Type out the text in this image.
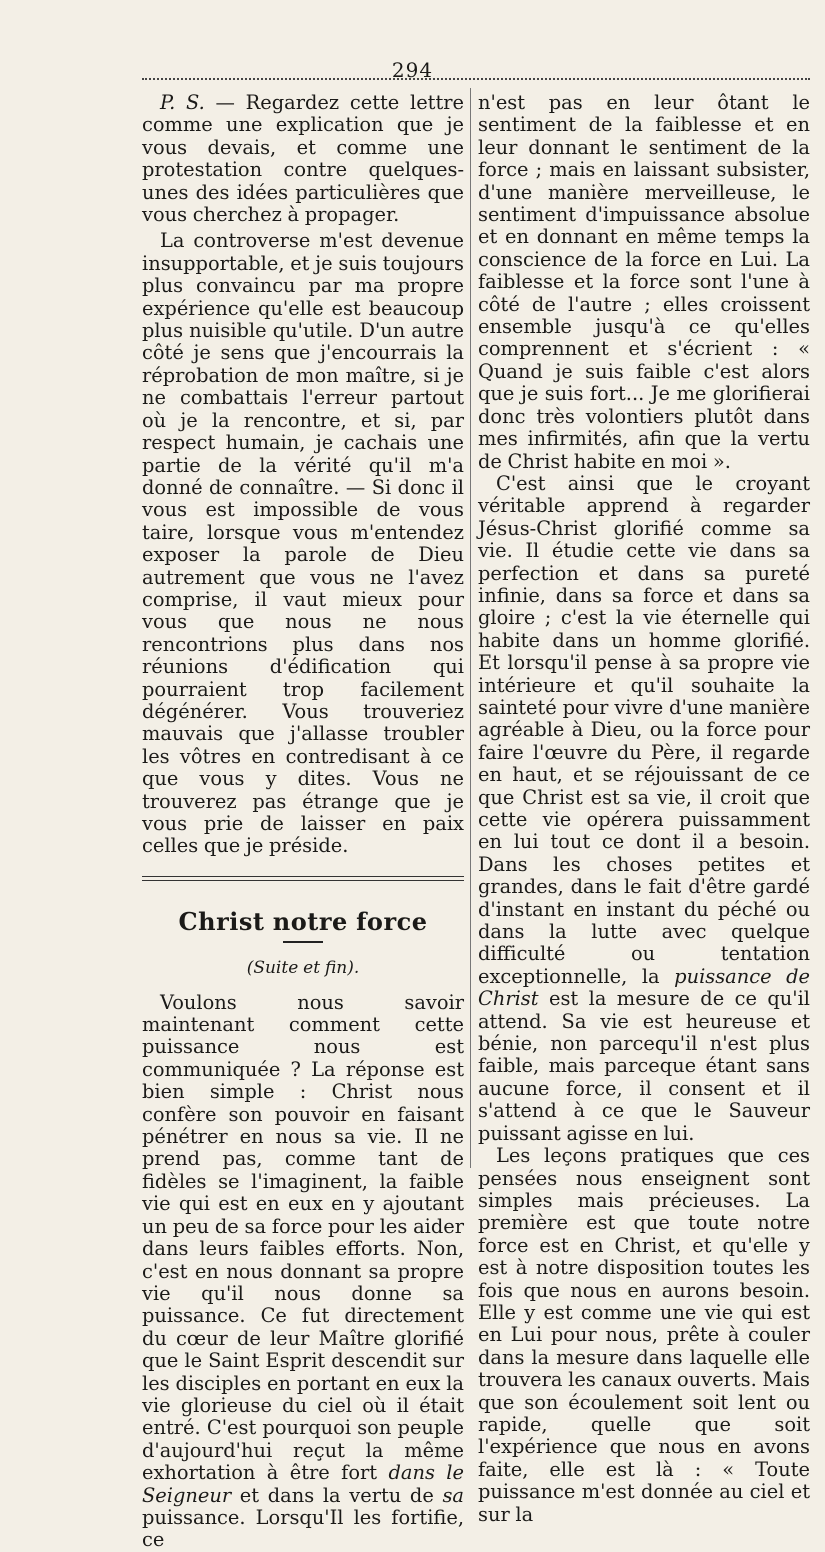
294

P. S. — Regardez cette lettre comme une explication que je vous devais, et comme une protestation contre quelques-unes des idées particulières que vous cherchez à propager.

La controverse m'est devenue insupportable, et je suis toujours plus convaincu par ma propre expérience qu'elle est beaucoup plus nuisible qu'utile. D'un autre côté je sens que j'encourrais la réprobation de mon maître, si je ne combattais l'erreur partout où je la rencontre, et si, par respect humain, je cachais une partie de la vérité qu'il m'a donné de connaître. — Si donc il vous est impossible de vous taire, lorsque vous m'entendez exposer la parole de Dieu autrement que vous ne l'avez comprise, il vaut mieux pour vous que nous ne nous rencontrions plus dans nos réunions d'édification qui pourraient trop facilement dégénérer. Vous trouveriez mauvais que j'allasse troubler les vôtres en contredisant à ce que vous y dites. Vous ne trouverez pas étrange que je vous prie de laisser en paix celles que je préside.

Christ notre force
(Suite et fin).

Voulons nous savoir maintenant comment cette puissance nous est communiquée ? La réponse est bien simple : Christ nous confère son pouvoir en faisant pénétrer en nous sa vie. Il ne prend pas, comme tant de fidèles se l'imaginent, la faible vie qui est en eux en y ajoutant un peu de sa force pour les aider dans leurs faibles efforts. Non, c'est en nous donnant sa propre vie qu'il nous donne sa puissance. Ce fut directement du cœur de leur Maître glorifié que le Saint Esprit descendit sur les disciples en portant en eux la vie glorieuse du ciel où il était entré. C'est pourquoi son peuple d'aujourd'hui reçut la même exhortation à être fort dans le Seigneur et dans la vertu de sa puissance. Lorsqu'Il les fortifie, ce

n'est pas en leur ôtant le sentiment de la faiblesse et en leur donnant le sentiment de la force ; mais en laissant subsister, d'une manière merveilleuse, le sentiment d'impuissance absolue et en donnant en même temps la conscience de la force en Lui. La faiblesse et la force sont l'une à côté de l'autre ; elles croissent ensemble jusqu'à ce qu'elles comprennent et s'écrient : « Quand je suis faible c'est alors que je suis fort... Je me glorifierai donc très volontiers plutôt dans mes infirmités, afin que la vertu de Christ habite en moi ».

C'est ainsi que le croyant véritable apprend à regarder Jésus-Christ glorifié comme sa vie. Il étudie cette vie dans sa perfection et dans sa pureté infinie, dans sa force et dans sa gloire ; c'est la vie éternelle qui habite dans un homme glorifié. Et lorsqu'il pense à sa propre vie intérieure et qu'il souhaite la sainteté pour vivre d'une manière agréable à Dieu, ou la force pour faire l'œuvre du Père, il regarde en haut, et se réjouissant de ce que Christ est sa vie, il croit que cette vie opérera puissamment en lui tout ce dont il a besoin. Dans les choses petites et grandes, dans le fait d'être gardé d'instant en instant du péché ou dans la lutte avec quelque difficulté ou tentation exceptionnelle, la puissance de Christ est la mesure de ce qu'il attend. Sa vie est heureuse et bénie, non parcequ'il n'est plus faible, mais parceque étant sans aucune force, il consent et il s'attend à ce que le Sauveur puissant agisse en lui.

Les leçons pratiques que ces pensées nous enseignent sont simples mais précieuses. La première est que toute notre force est en Christ, et qu'elle y est à notre disposition toutes les fois que nous en aurons besoin. Elle y est comme une vie qui est en Lui pour nous, prête à couler dans la mesure dans laquelle elle trouvera les canaux ouverts. Mais que son écoulement soit lent ou rapide, quelle que soit l'expérience que nous en avons faite, elle est là : « Toute puissance m'est donnée au ciel et sur la
